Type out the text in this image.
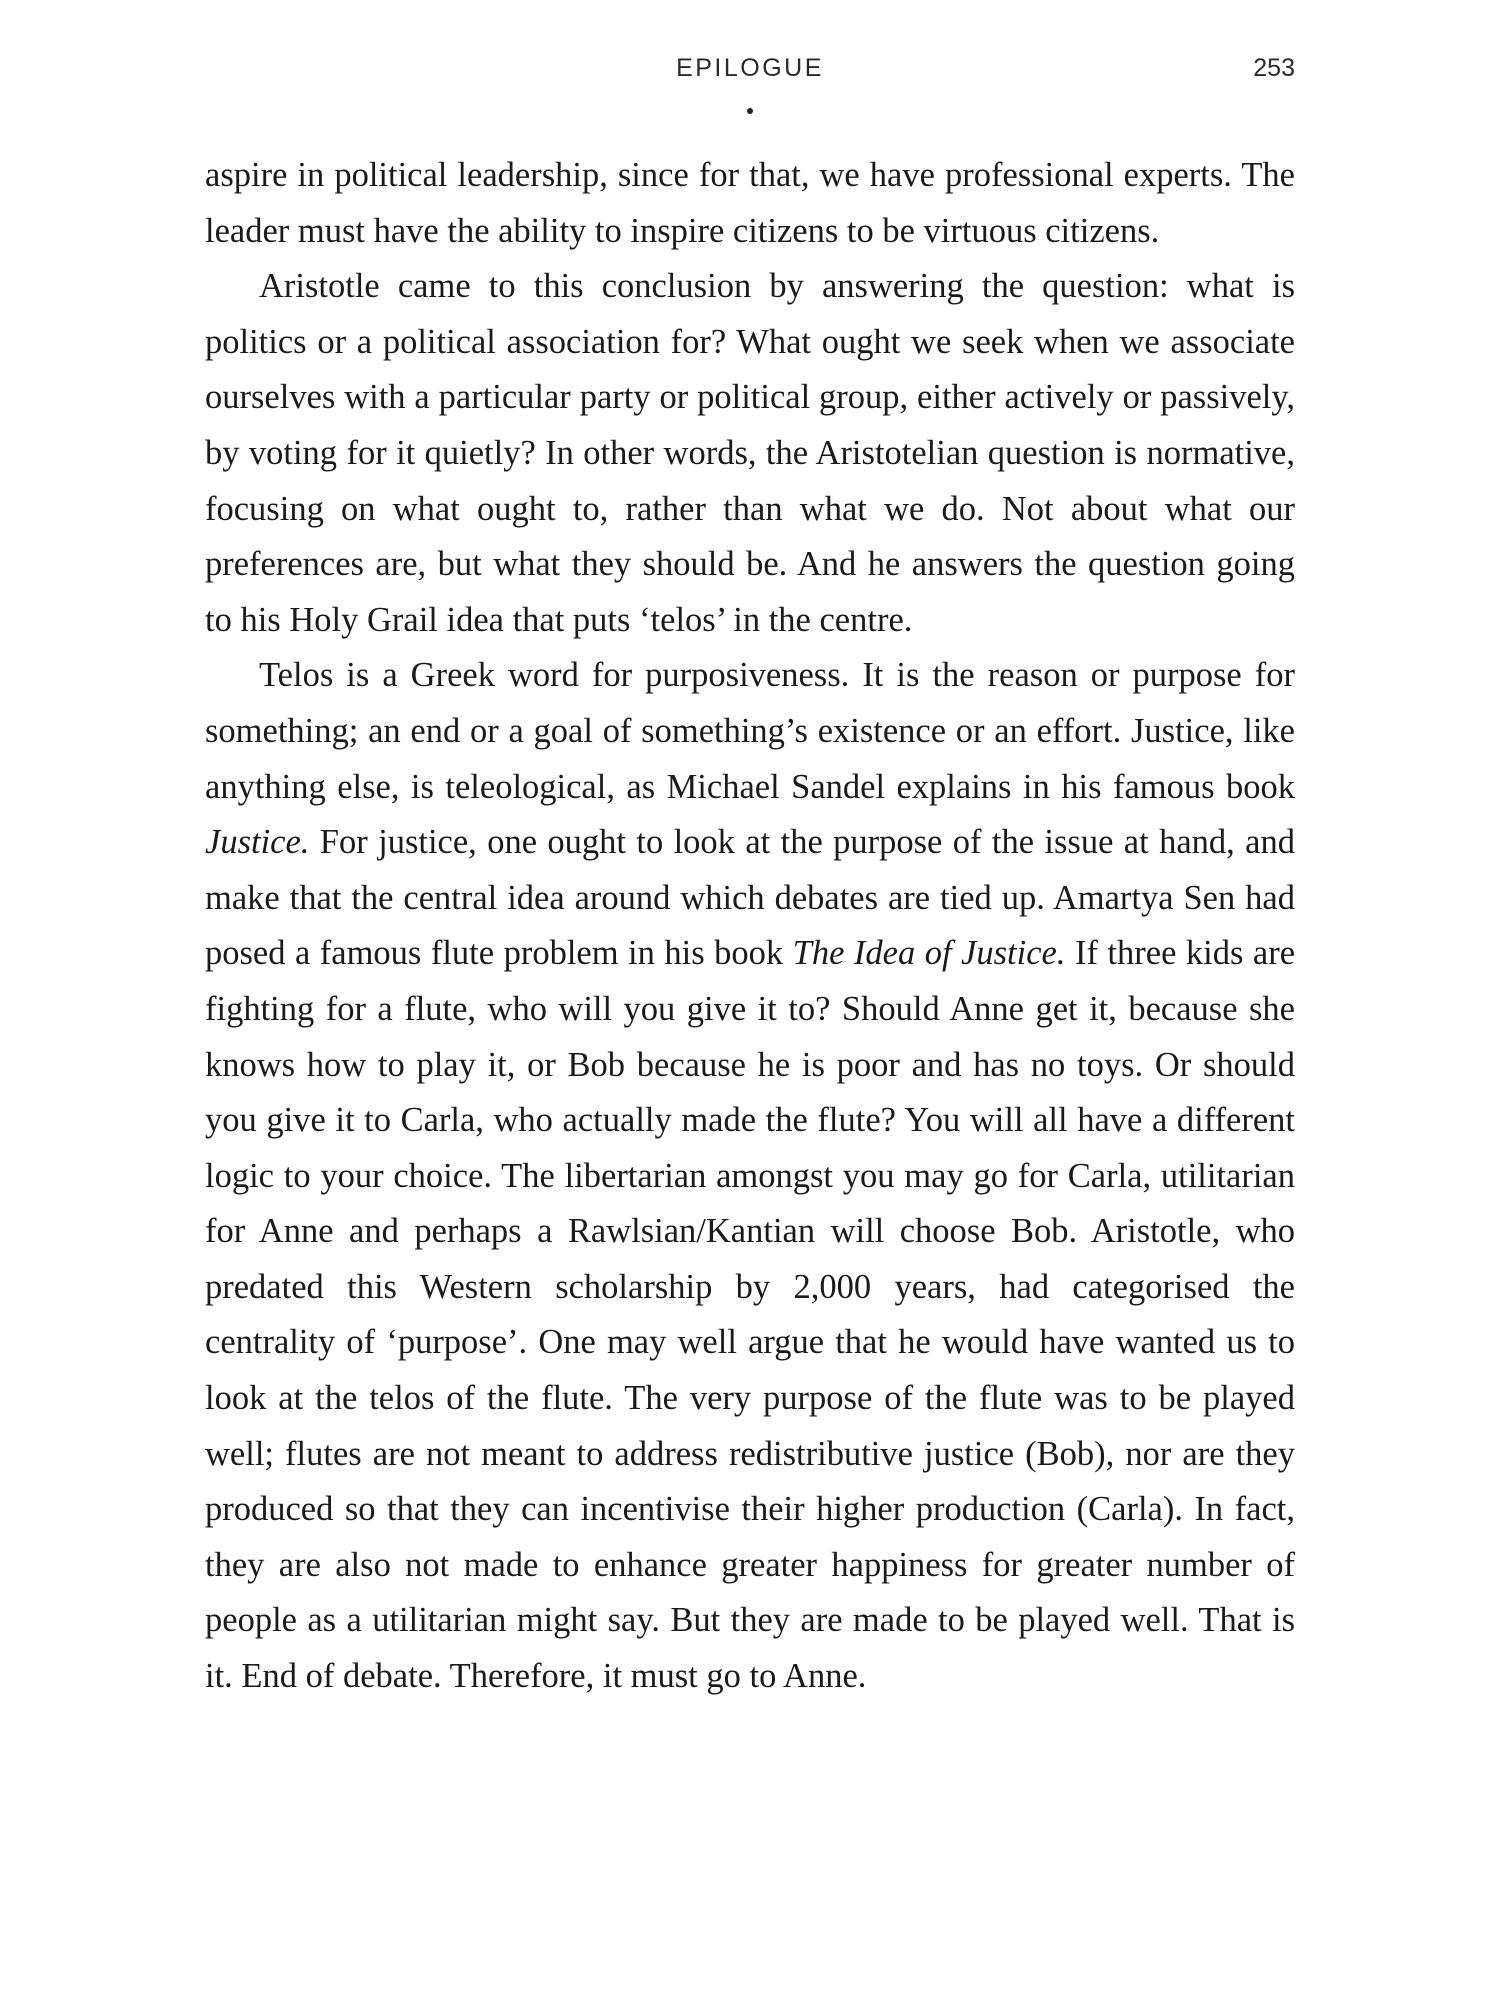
EPILOGUE	253

aspire in political leadership, since for that, we have professional experts. The leader must have the ability to inspire citizens to be virtuous citizens.

Aristotle came to this conclusion by answering the question: what is politics or a political association for? What ought we seek when we associate ourselves with a particular party or political group, either actively or passively, by voting for it quietly? In other words, the Aristotelian question is normative, focusing on what ought to, rather than what we do. Not about what our preferences are, but what they should be. And he answers the question going to his Holy Grail idea that puts ‘telos’ in the centre.

Telos is a Greek word for purposiveness. It is the reason or purpose for something; an end or a goal of something’s existence or an effort. Justice, like anything else, is teleological, as Michael Sandel explains in his famous book Justice. For justice, one ought to look at the purpose of the issue at hand, and make that the central idea around which debates are tied up. Amartya Sen had posed a famous flute problem in his book The Idea of Justice. If three kids are fighting for a flute, who will you give it to? Should Anne get it, because she knows how to play it, or Bob because he is poor and has no toys. Or should you give it to Carla, who actually made the flute? You will all have a different logic to your choice. The libertarian amongst you may go for Carla, utilitarian for Anne and perhaps a Rawlsian/Kantian will choose Bob. Aristotle, who predated this Western scholarship by 2,000 years, had categorised the centrality of ‘purpose’. One may well argue that he would have wanted us to look at the telos of the flute. The very purpose of the flute was to be played well; flutes are not meant to address redistributive justice (Bob), nor are they produced so that they can incentivise their higher production (Carla). In fact, they are also not made to enhance greater happiness for greater number of people as a utilitarian might say. But they are made to be played well. That is it. End of debate. Therefore, it must go to Anne.
